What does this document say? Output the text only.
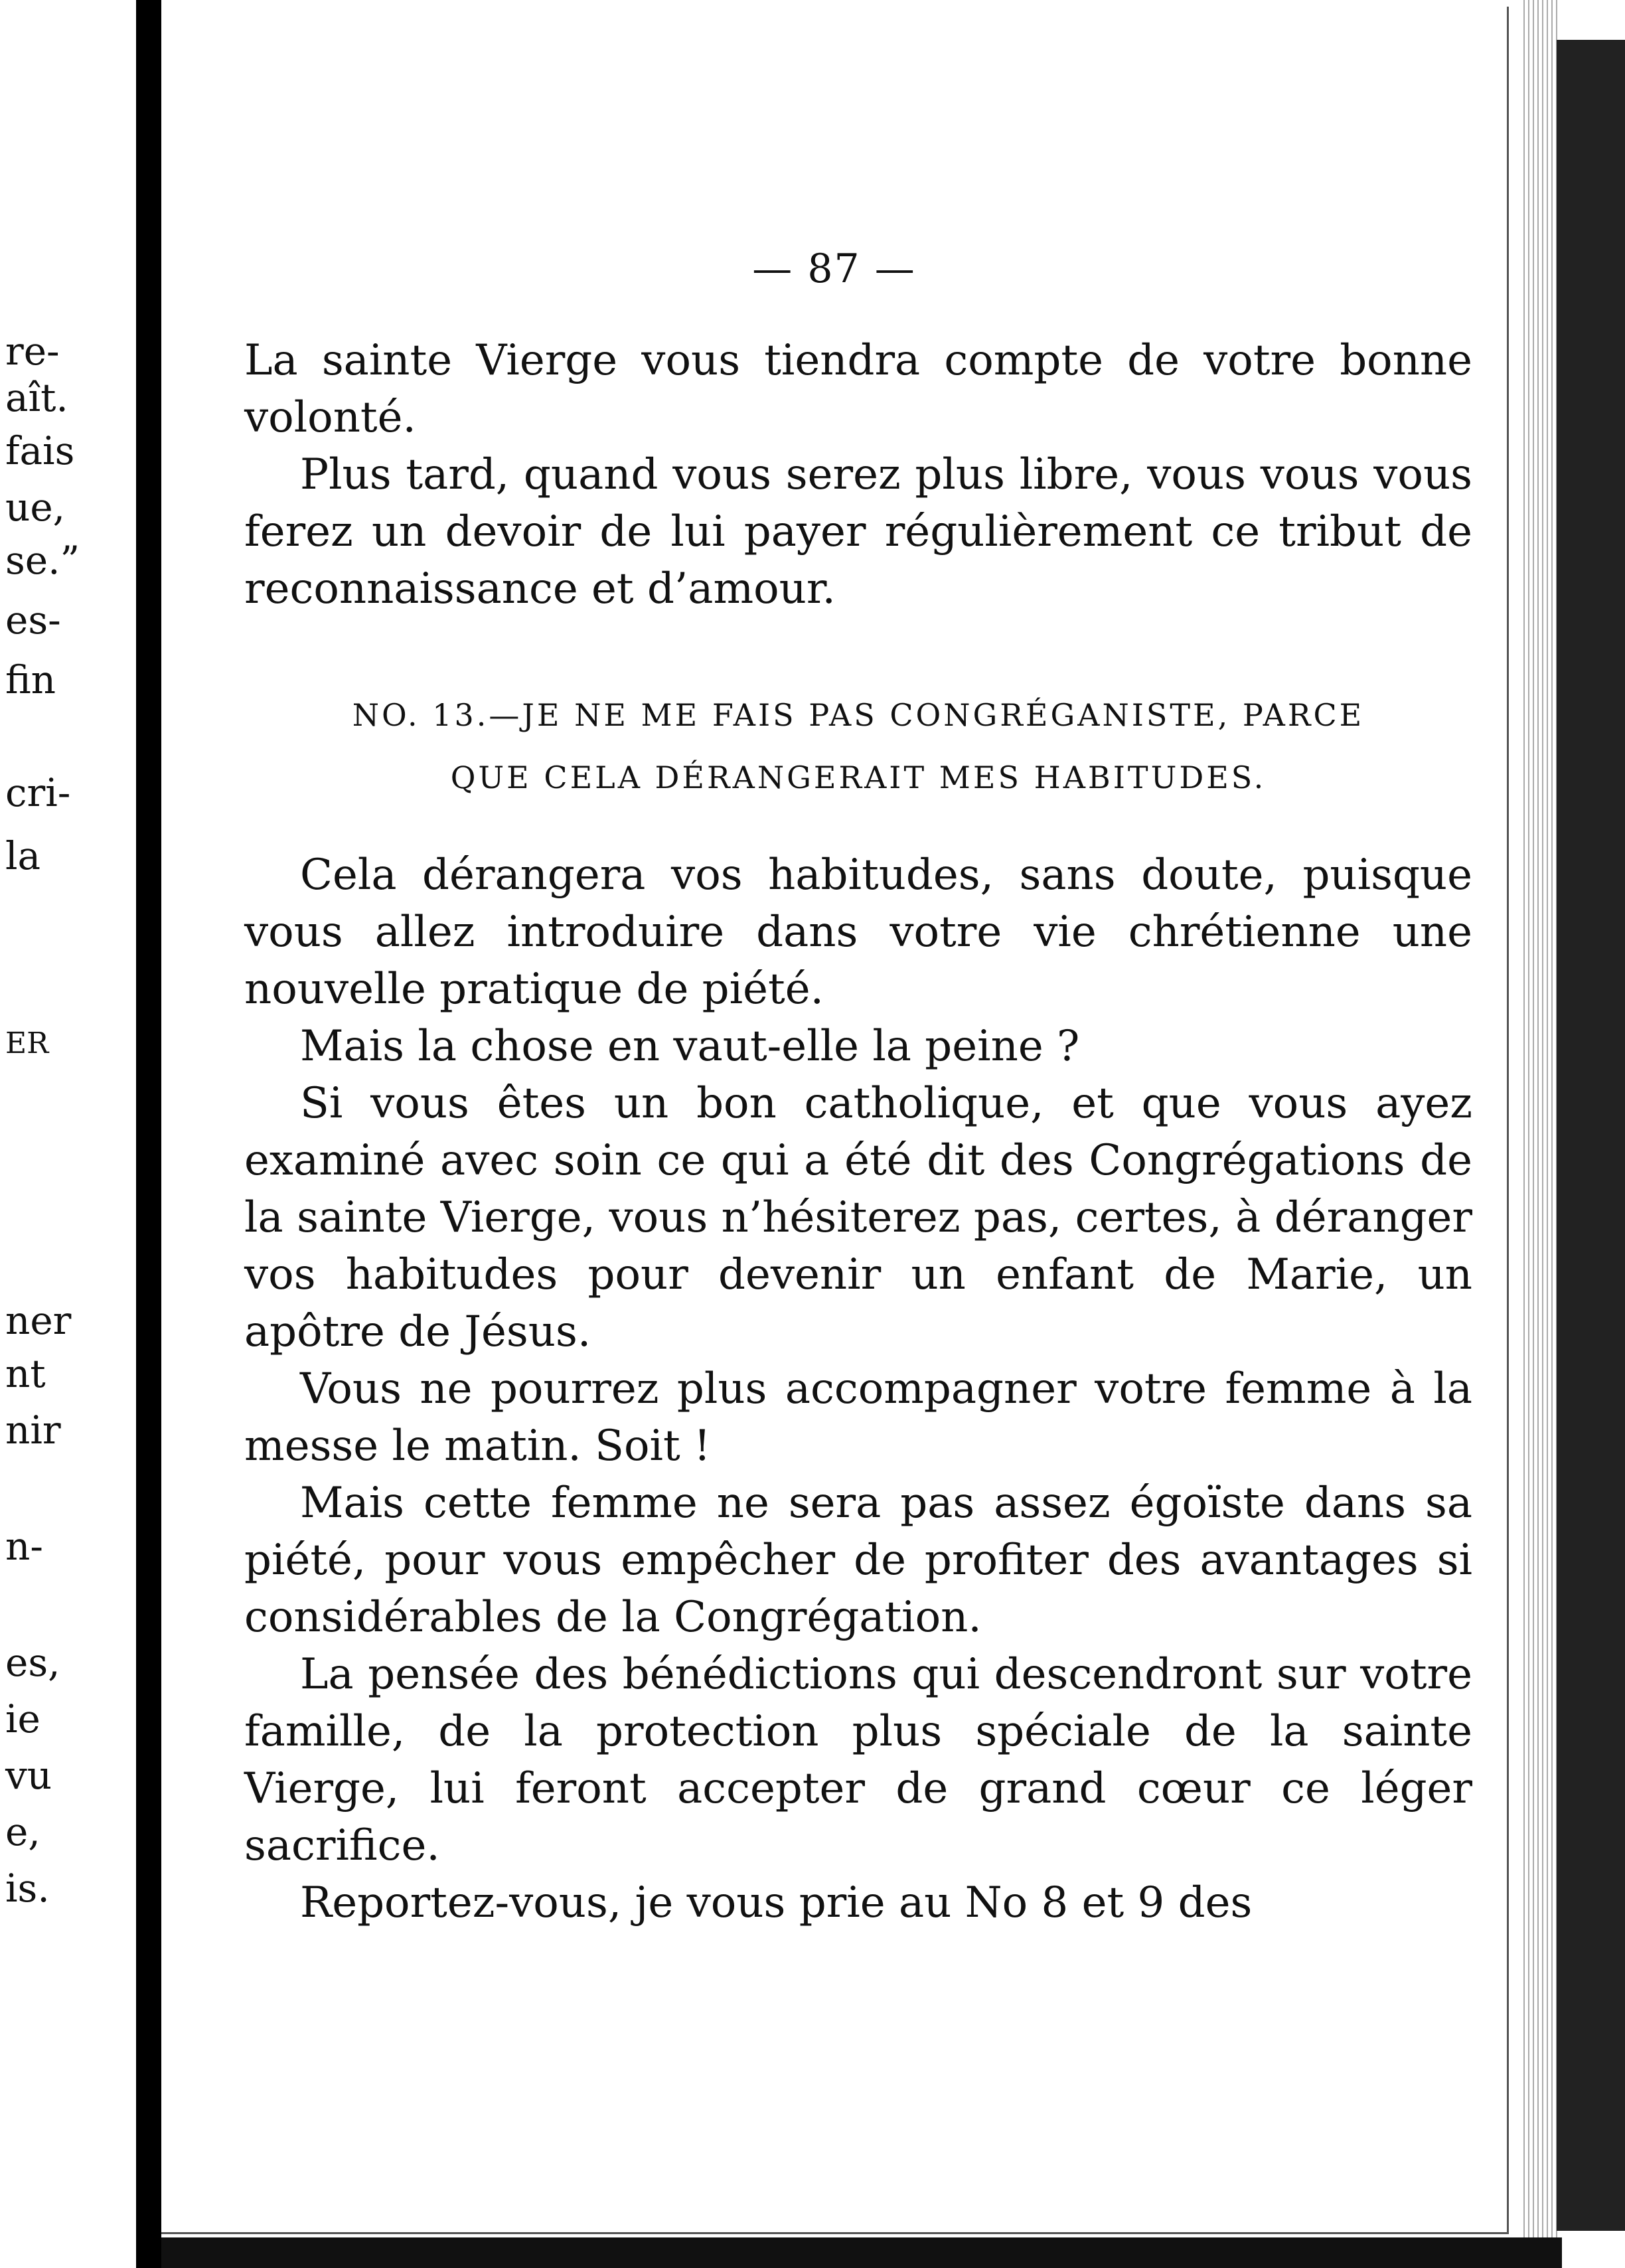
re-
aît.
fais
ue,
se.”
es-
fin
cri-
la
ER
ner
nt
nir
n-
es,
ie
vu
e,
is.
— 87 —

La sainte Vierge vous tiendra compte de votre bonne volonté.

Plus tard, quand vous serez plus libre, vous vous vous ferez un devoir de lui payer régulièrement ce tribut de reconnaissance et d’amour.

NO. 13.—JE NE ME FAIS PAS CONGRÉGANISTE, PARCE
QUE CELA DÉRANGERAIT MES HABITUDES.

Cela dérangera vos habitudes, sans doute, puisque vous allez introduire dans votre vie chrétienne une nouvelle pratique de piété.

Mais la chose en vaut-elle la peine ?

Si vous êtes un bon catholique, et que vous ayez examiné avec soin ce qui a été dit des Congrégations de la sainte Vierge, vous n’hésiterez pas, certes, à déranger vos habitudes pour devenir un enfant de Marie, un apôtre de Jésus.

Vous ne pourrez plus accompagner votre femme à la messe le matin. Soit !

Mais cette femme ne sera pas assez égoïste dans sa piété, pour vous empêcher de profiter des avantages si considérables de la Congrégation.

La pensée des bénédictions qui descendront sur votre famille, de la protection plus spéciale de la sainte Vierge, lui feront accepter de grand cœur ce léger sacrifice.

Reportez-vous, je vous prie au No 8 et 9 des
